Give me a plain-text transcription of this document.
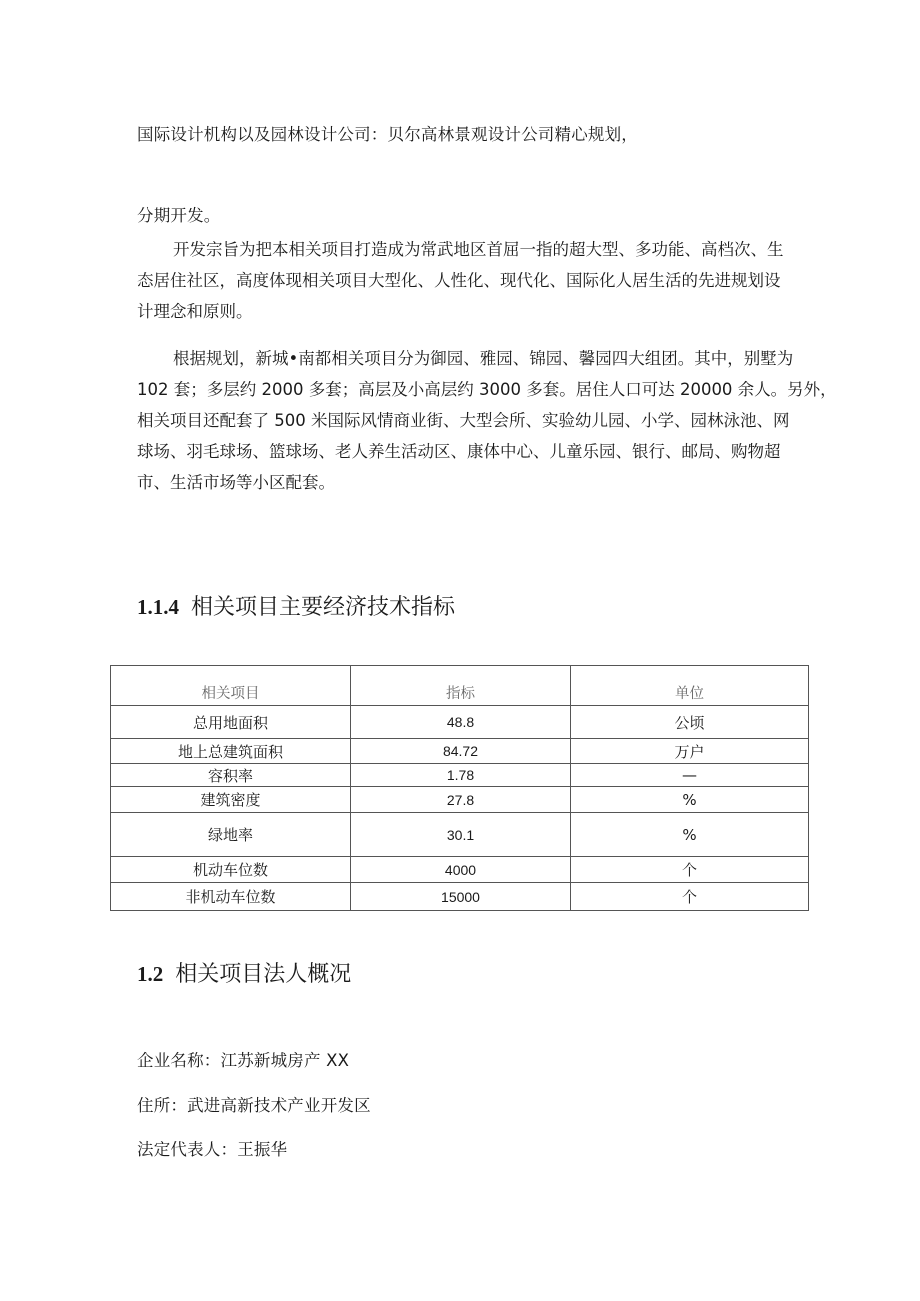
国际设计机构以及园林设计公司：贝尔高林景观设计公司精心规划，
分期开发。

开发宗旨为把本相关项目打造成为常武地区首屈一指的超大型、多功能、高档次、生
态居住社区，高度体现相关项目大型化、人性化、现代化、国际化人居生活的先进规划设
计理念和原则。

根据规划，新城•南都相关项目分为御园、雅园、锦园、馨园四大组团。其中，别墅为
102 套；多层约 2000 多套；高层及小高层约 3000 多套。居住人口可达 20000 余人。另外，
相关项目还配套了 500 米国际风情商业街、大型会所、实验幼儿园、小学、园林泳池、网
球场、羽毛球场、篮球场、老人养生活动区、康体中心、儿童乐园、银行、邮局、购物超
市、生活市场等小区配套。

1.1.4 相关项目主要经济技术指标
相关项目	指标	单位
总用地面积	48.8	公顷
地上总建筑面积	84.72	万户
容积率	1.78	—
建筑密度	27.8	%
绿地率	30.1	%
机动车位数	4000	个
非机动车位数	15000	个
1.2 相关项目法人概况
企业名称：江苏新城房产 XX
住所：武进高新技术产业开发区
法定代表人：王振华
